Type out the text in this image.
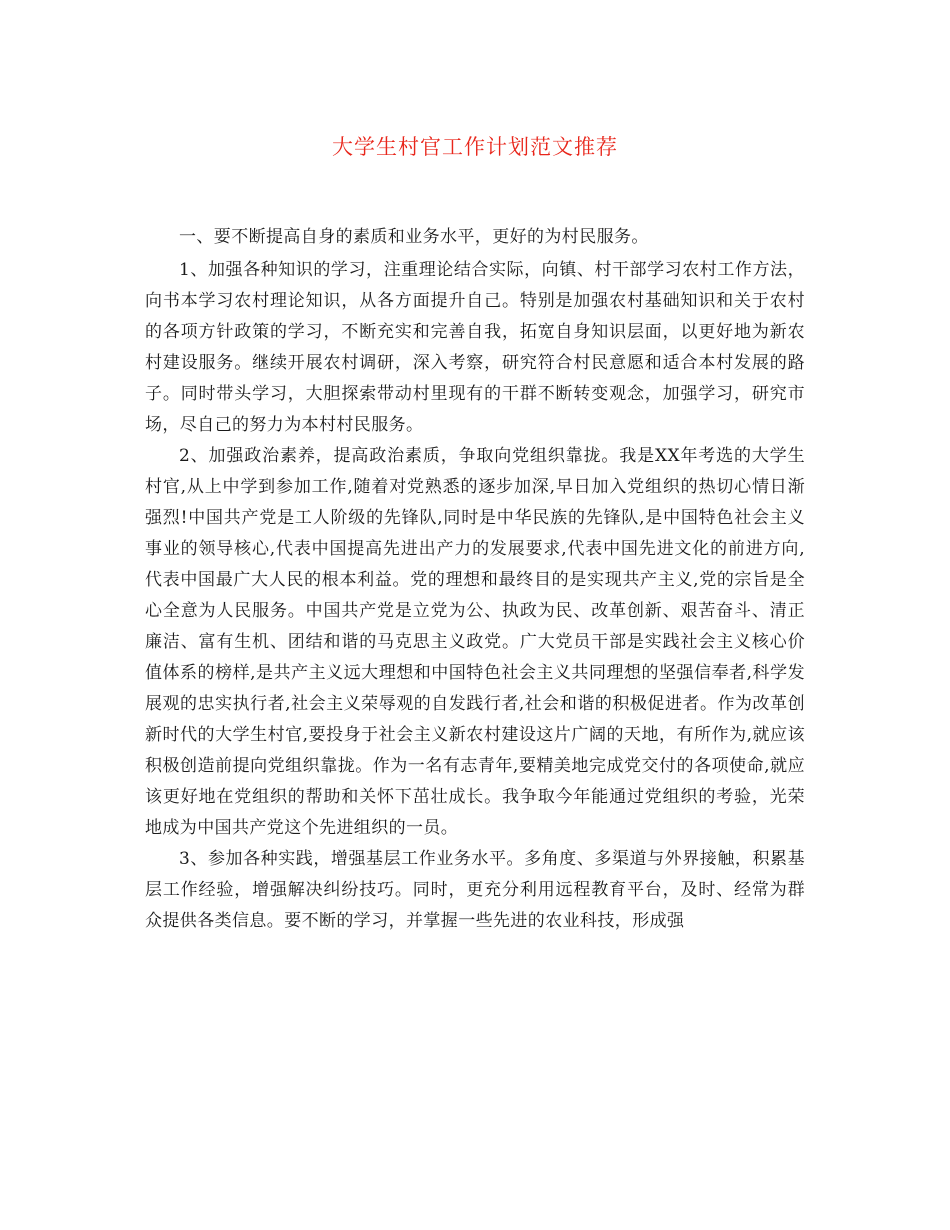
大学生村官工作计划范文推荐

一、要不断提高自身的素质和业务水平，更好的为村民服务。

1、加强各种知识的学习，注重理论结合实际，向镇、村干部学习农村工作方法，向书本学习农村理论知识，从各方面提升自己。特别是加强农村基础知识和关于农村的各项方针政策的学习，不断充实和完善自我，拓宽自身知识层面，以更好地为新农村建设服务。继续开展农村调研，深入考察，研究符合村民意愿和适合本村发展的路子。同时带头学习，大胆探索带动村里现有的干群不断转变观念，加强学习，研究市场，尽自己的努力为本村村民服务。

2、加强政治素养，提高政治素质，争取向党组织靠拢。我是XX年考选的大学生村官,从上中学到参加工作,随着对党熟悉的逐步加深,早日加入党组织的热切心情日渐强烈!中国共产党是工人阶级的先锋队,同时是中华民族的先锋队,是中国特色社会主义事业的领导核心,代表中国提高先进出产力的发展要求,代表中国先进文化的前进方向,代表中国最广大人民的根本利益。党的理想和最终目的是实现共产主义,党的宗旨是全心全意为人民服务。中国共产党是立党为公、执政为民、改革创新、艰苦奋斗、清正廉洁、富有生机、团结和谐的马克思主义政党。广大党员干部是实践社会主义核心价值体系的榜样,是共产主义远大理想和中国特色社会主义共同理想的坚强信奉者,科学发展观的忠实执行者,社会主义荣辱观的自发践行者,社会和谐的积极促进者。作为改革创新时代的大学生村官,要投身于社会主义新农村建设这片广阔的天地，有所作为,就应该积极创造前提向党组织靠拢。作为一名有志青年,要精美地完成党交付的各项使命,就应该更好地在党组织的帮助和关怀下茁壮成长。我争取今年能通过党组织的考验，光荣地成为中国共产党这个先进组织的一员。

3、参加各种实践，增强基层工作业务水平。多角度、多渠道与外界接触，积累基层工作经验，增强解决纠纷技巧。同时，更充分利用远程教育平台，及时、经常为群众提供各类信息。要不断的学习，并掌握一些先进的农业科技，形成强
